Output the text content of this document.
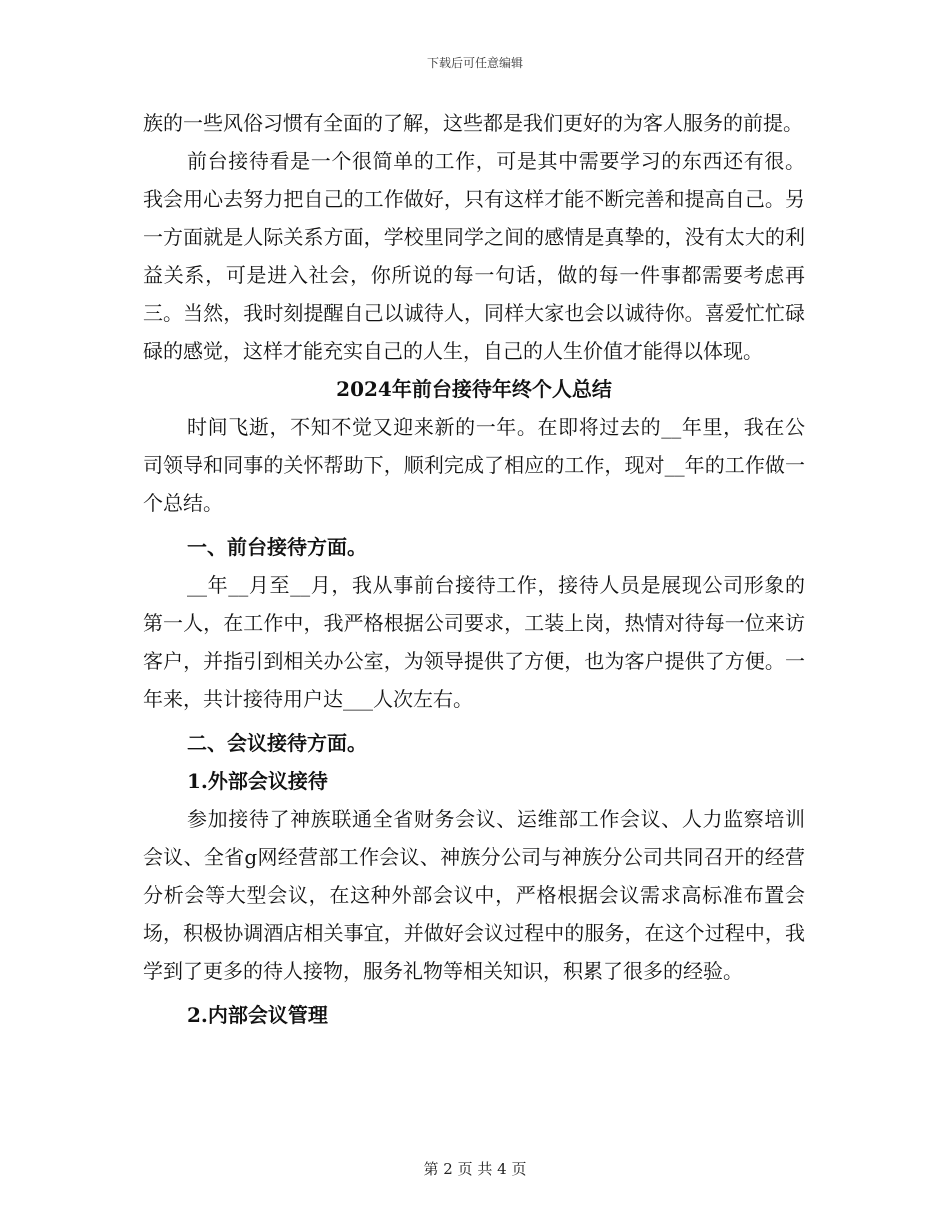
下载后可任意编辑

族的一些风俗习惯有全面的了解，这些都是我们更好的为客人服务的前提。

前台接待看是一个很简单的工作，可是其中需要学习的东西还有很。我会用心去努力把自己的工作做好，只有这样才能不断完善和提高自己。另一方面就是人际关系方面，学校里同学之间的感情是真挚的，没有太大的利益关系，可是进入社会，你所说的每一句话，做的每一件事都需要考虑再三。当然，我时刻提醒自己以诚待人，同样大家也会以诚待你。喜爱忙忙碌碌的感觉，这样才能充实自己的人生，自己的人生价值才能得以体现。

2024年前台接待年终个人总结

时间飞逝，不知不觉又迎来新的一年。在即将过去的__年里，我在公司领导和同事的关怀帮助下，顺利完成了相应的工作，现对__年的工作做一个总结。

一、前台接待方面。

__年__月至__月，我从事前台接待工作，接待人员是展现公司形象的第一人，在工作中，我严格根据公司要求，工装上岗，热情对待每一位来访客户，并指引到相关办公室，为领导提供了方便，也为客户提供了方便。一年来，共计接待用户达___人次左右。

二、会议接待方面。

1.外部会议接待

参加接待了神族联通全省财务会议、运维部工作会议、人力监察培训会议、全省g网经营部工作会议、神族分公司与神族分公司共同召开的经营分析会等大型会议，在这种外部会议中，严格根据会议需求高标准布置会场，积极协调酒店相关事宜，并做好会议过程中的服务，在这个过程中，我学到了更多的待人接物，服务礼物等相关知识，积累了很多的经验。

2.内部会议管理

第 2 页 共 4 页
